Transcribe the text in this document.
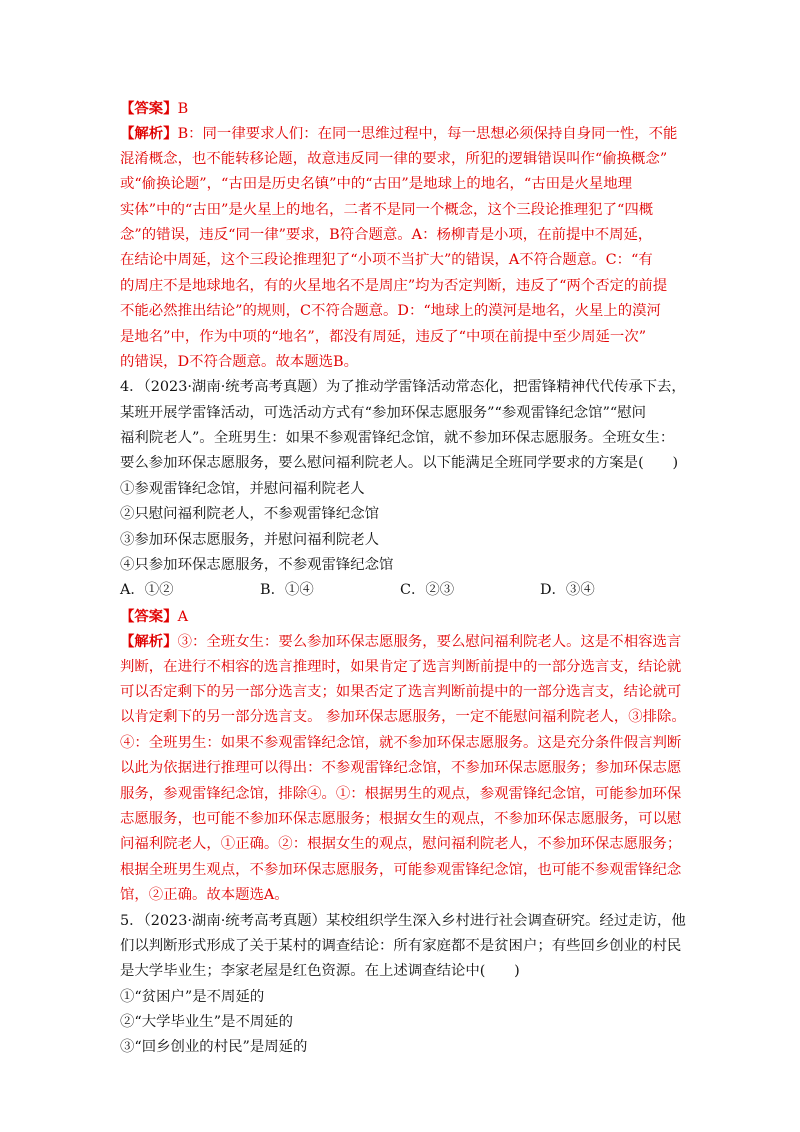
【答案】B
【解析】B：同一律要求人们：在同一思维过程中，每一思想必须保持自身同一性，不能
混淆概念，也不能转移论题，故意违反同一律的要求，所犯的逻辑错误叫作“偷换概念”
或“偷换论题”，“古田是历史名镇”中的“古田”是地球上的地名，“古田是火星地理
实体”中的“古田”是火星上的地名，二者不是同一个概念，这个三段论推理犯了“四概
念”的错误，违反“同一律”要求，B符合题意。A：杨柳青是小项，在前提中不周延，
在结论中周延，这个三段论推理犯了“小项不当扩大”的错误，A不符合题意。C：“有
的周庄不是地球地名，有的火星地名不是周庄”均为否定判断，违反了“两个否定的前提
不能必然推出结论”的规则，C不符合题意。D：“地球上的漠河是地名，火星上的漠河
是地名”中，作为中项的“地名”，都没有周延，违反了“中项在前提中至少周延一次”
的错误，D不符合题意。故本题选B。
4．（2023·湖南·统考高考真题）为了推动学雷锋活动常态化，把雷锋精神代代传承下去，
某班开展学雷锋活动，可选活动方式有“参加环保志愿服务”“参观雷锋纪念馆”“慰问
福利院老人”。全班男生：如果不参观雷锋纪念馆，就不参加环保志愿服务。全班女生：
要么参加环保志愿服务，要么慰问福利院老人。以下能满足全班同学要求的方案是(　　)
①参观雷锋纪念馆，并慰问福利院老人
②只慰问福利院老人，不参观雷锋纪念馆
③参加环保志愿服务，并慰问福利院老人
④只参加环保志愿服务，不参观雷锋纪念馆
A．①②	B．①④	C．②③	D．③④
【答案】A
【解析】③：全班女生：要么参加环保志愿服务，要么慰问福利院老人。这是不相容选言
判断，在进行不相容的选言推理时，如果肯定了选言判断前提中的一部分选言支，结论就
可以否定剩下的另一部分选言支；如果否定了选言判断前提中的一部分选言支，结论就可
以肯定剩下的另一部分选言支。 参加环保志愿服务，一定不能慰问福利院老人，③排除。
④：全班男生：如果不参观雷锋纪念馆，就不参加环保志愿服务。这是充分条件假言判断
以此为依据进行推理可以得出：不参观雷锋纪念馆，不参加环保志愿服务；参加环保志愿
服务，参观雷锋纪念馆，排除④。①：根据男生的观点，参观雷锋纪念馆，可能参加环保
志愿服务，也可能不参加环保志愿服务；根据女生的观点，不参加环保志愿服务，可以慰
问福利院老人，①正确。②：根据女生的观点，慰问福利院老人，不参加环保志愿服务；
根据全班男生观点，不参加环保志愿服务，可能参观雷锋纪念馆，也可能不参观雷锋纪念
馆，②正确。故本题选A。
5．（2023·湖南·统考高考真题）某校组织学生深入乡村进行社会调查研究。经过走访，他
们以判断形式形成了关于某村的调查结论：所有家庭都不是贫困户；有些回乡创业的村民
是大学毕业生；李家老屋是红色资源。在上述调查结论中(　　)
①“贫困户”是不周延的
②“大学毕业生”是不周延的
③“回乡创业的村民”是周延的
